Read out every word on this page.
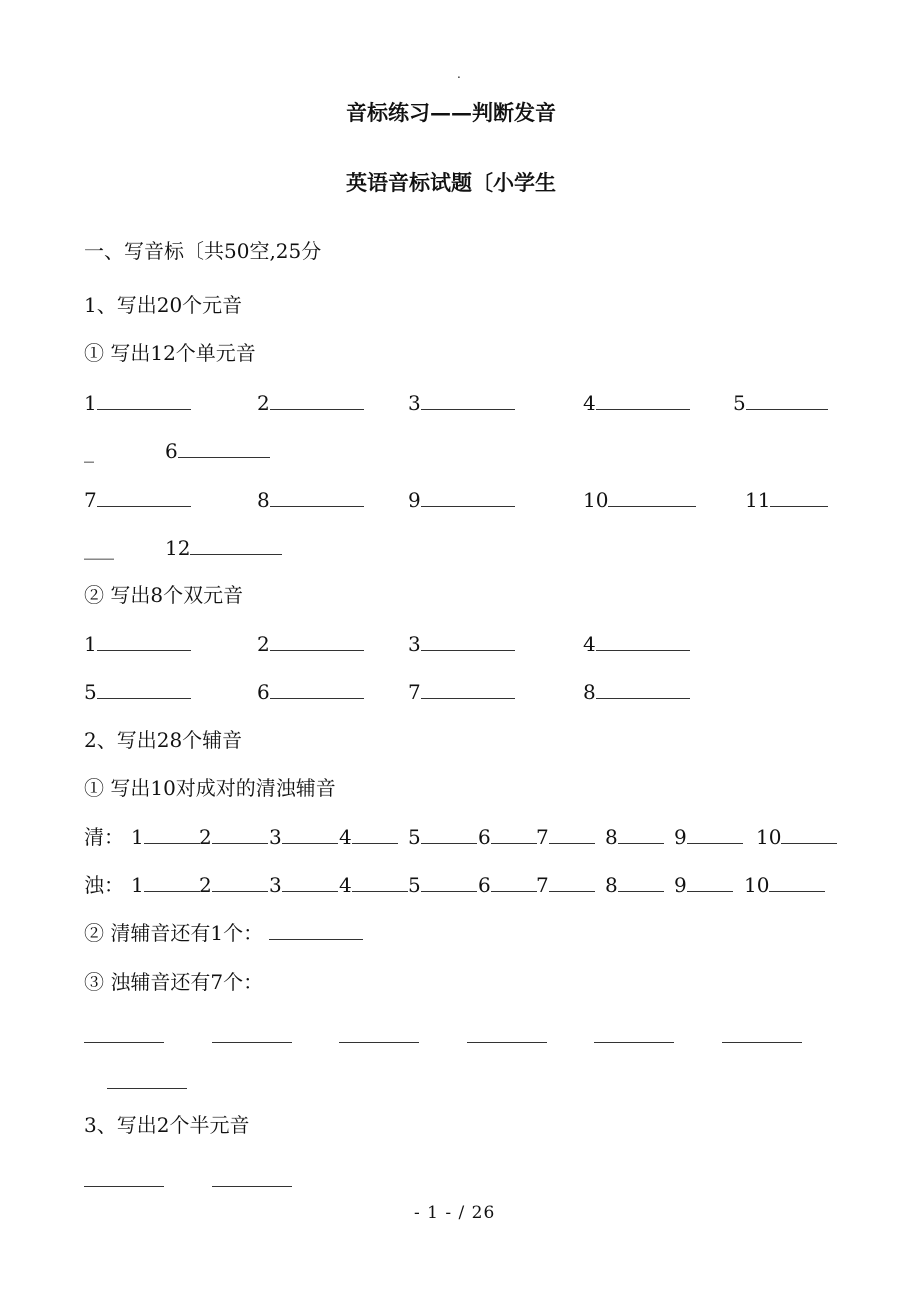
.
音标练习——判断发音
英语音标试题〔小学生
一、写音标〔共50空,25分
1、写出20个元音
① 写出12个单元音
1	2	3	4	5
_	6
7	8	9	10	11
___	12
② 写出8个双元音
1	2	3	4
5	6	7	8
2、写出28个辅音
① 写出10对成对的清浊辅音
清： 1	2	3	4	5	6	7	8	9	10
浊： 1	2	3	4	5	6	7	8	9	10
② 清辅音还有1个：
③ 浊辅音还有7个：
3、写出2个半元音
- 1 - / 26
